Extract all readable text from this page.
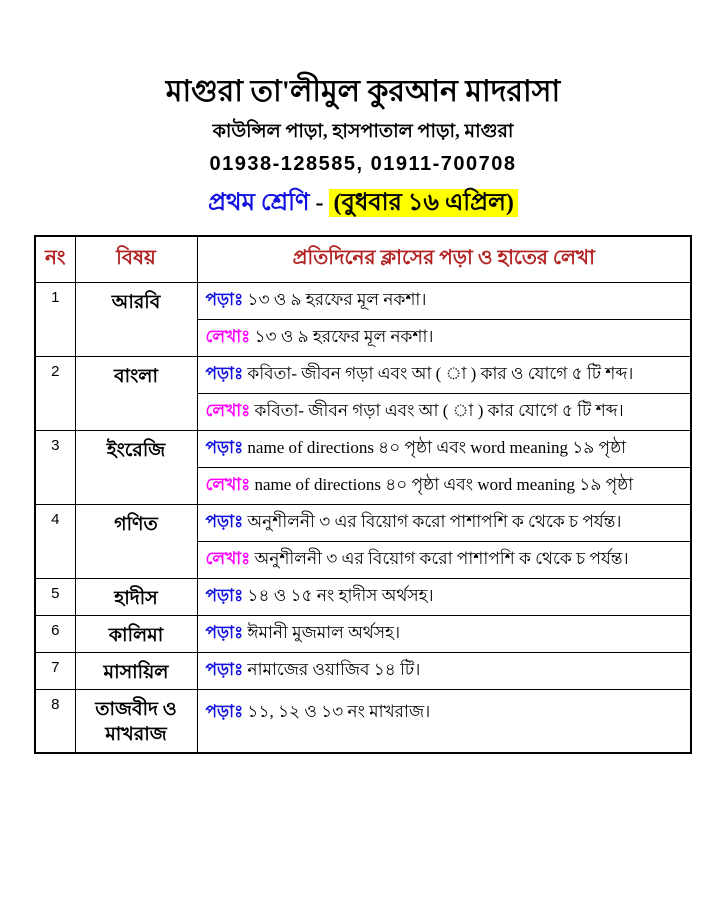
মাগুরা তা'লীমুল কুরআন মাদরাসা

কাউন্সিল পাড়া, হাসপাতাল পাড়া, মাগুরা

01938-128585, 01911-700708

প্রথম শ্রেণি - (বুধবার ১৬ এপ্রিল)

নং	বিষয়	প্রতিদিনের ক্লাসের পড়া ও হাতের লেখা
1	আরবি	পড়াঃ ১৩ ও ৯ হরফের মূল নকশা।
		লেখাঃ ১৩ ও ৯ হরফের মূল নকশা।
2	বাংলা	পড়াঃ কবিতা- জীবন গড়া এবং আ ( ◌া ) কার ও যোগে ৫ টি শব্দ।
		লেখাঃ কবিতা- জীবন গড়া এবং আ ( ◌া ) কার যোগে ৫ টি শব্দ।
3	ইংরেজি	পড়াঃ name of directions ৪০ পৃষ্ঠা এবং word meaning ১৯ পৃষ্ঠা
		লেখাঃ name of directions ৪০ পৃষ্ঠা এবং word meaning ১৯ পৃষ্ঠা
4	গণিত	পড়াঃ অনুশীলনী ৩ এর বিয়োগ করো পাশাপশি ক থেকে চ পর্যন্ত।
		লেখাঃ অনুশীলনী ৩ এর বিয়োগ করো পাশাপশি ক থেকে চ পর্যন্ত।
5	হাদীস	পড়াঃ ১৪ ও ১৫ নং হাদীস অর্থসহ।
6	কালিমা	পড়াঃ ঈমানী মুজমাল অর্থসহ।
7	মাসায়িল	পড়াঃ নামাজের ওয়াজিব ১৪ টি।
8	তাজবীদ ও মাখরাজ	পড়াঃ ১১, ১২ ও ১৩ নং মাখরাজ।
